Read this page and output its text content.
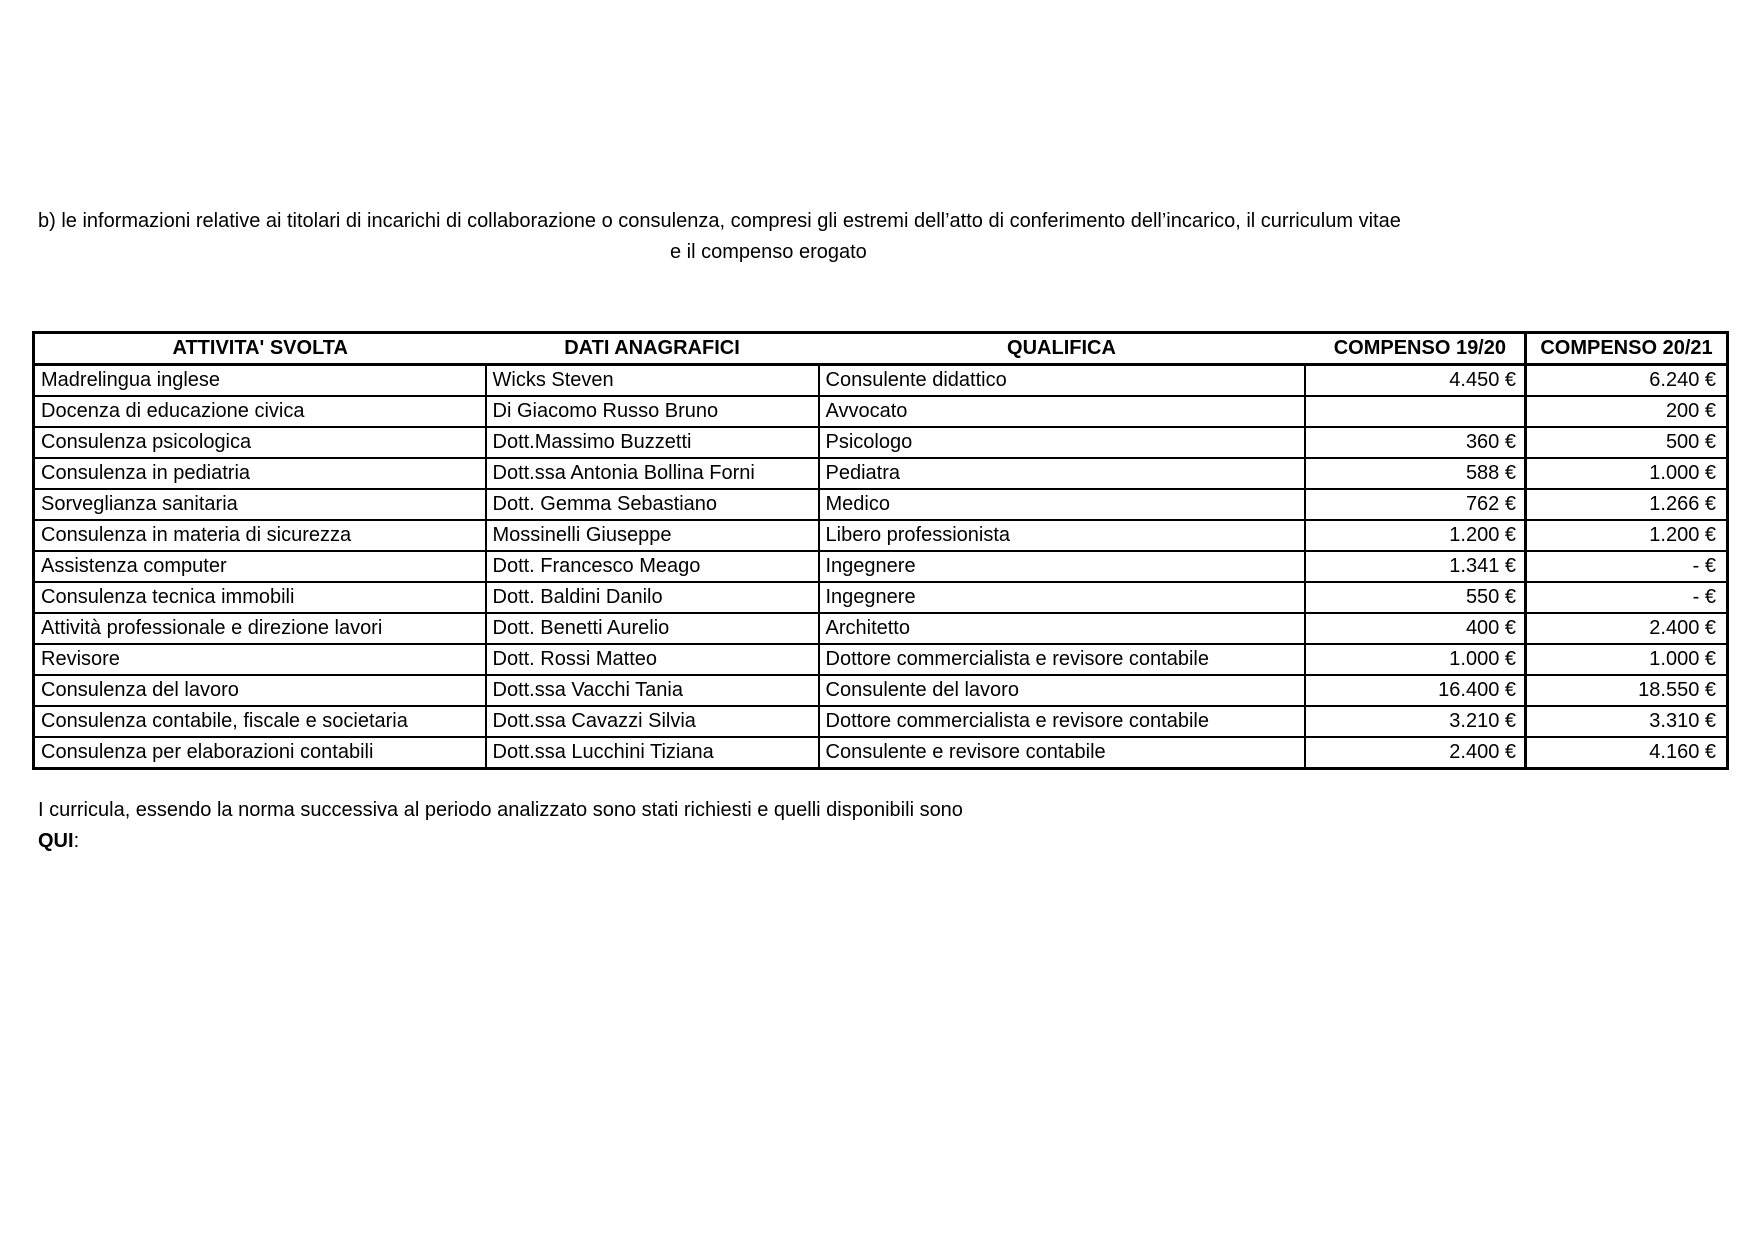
b) le informazioni relative ai titolari di incarichi di collaborazione o consulenza, compresi gli estremi dell’atto di conferimento dell’incarico, il curriculum vitae
e il compenso erogato
ATTIVITA' SVOLTA	DATI ANAGRAFICI	QUALIFICA	COMPENSO 19/20	COMPENSO 20/21
Madrelingua inglese	Wicks Steven	Consulente didattico	4.450 €	6.240 €
Docenza di educazione civica	Di Giacomo Russo Bruno	Avvocato		200 €
Consulenza psicologica	Dott.Massimo Buzzetti	Psicologo	360 €	500 €
Consulenza in pediatria	Dott.ssa Antonia Bollina Forni	Pediatra	588 €	1.000 €
Sorveglianza sanitaria	Dott. Gemma Sebastiano	Medico	762 €	1.266 €
Consulenza in materia di sicurezza	Mossinelli Giuseppe	Libero professionista	1.200 €	1.200 €
Assistenza computer	Dott. Francesco Meago	Ingegnere	1.341 €	- €
Consulenza tecnica immobili	Dott. Baldini Danilo	Ingegnere	550 €	- €
Attività professionale e direzione lavori	Dott. Benetti Aurelio	Architetto	400 €	2.400 €
Revisore	Dott. Rossi Matteo	Dottore commercialista e revisore contabile	1.000 €	1.000 €
Consulenza del lavoro	Dott.ssa Vacchi Tania	Consulente del lavoro	16.400 €	18.550 €
Consulenza contabile, fiscale e societaria	Dott.ssa Cavazzi Silvia	Dottore commercialista e revisore contabile	3.210 €	3.310 €
Consulenza per elaborazioni contabili	Dott.ssa Lucchini Tiziana	Consulente e revisore contabile	2.400 €	4.160 €
I curricula, essendo la norma successiva al periodo analizzato sono stati richiesti e quelli disponibili sono
QUI:
